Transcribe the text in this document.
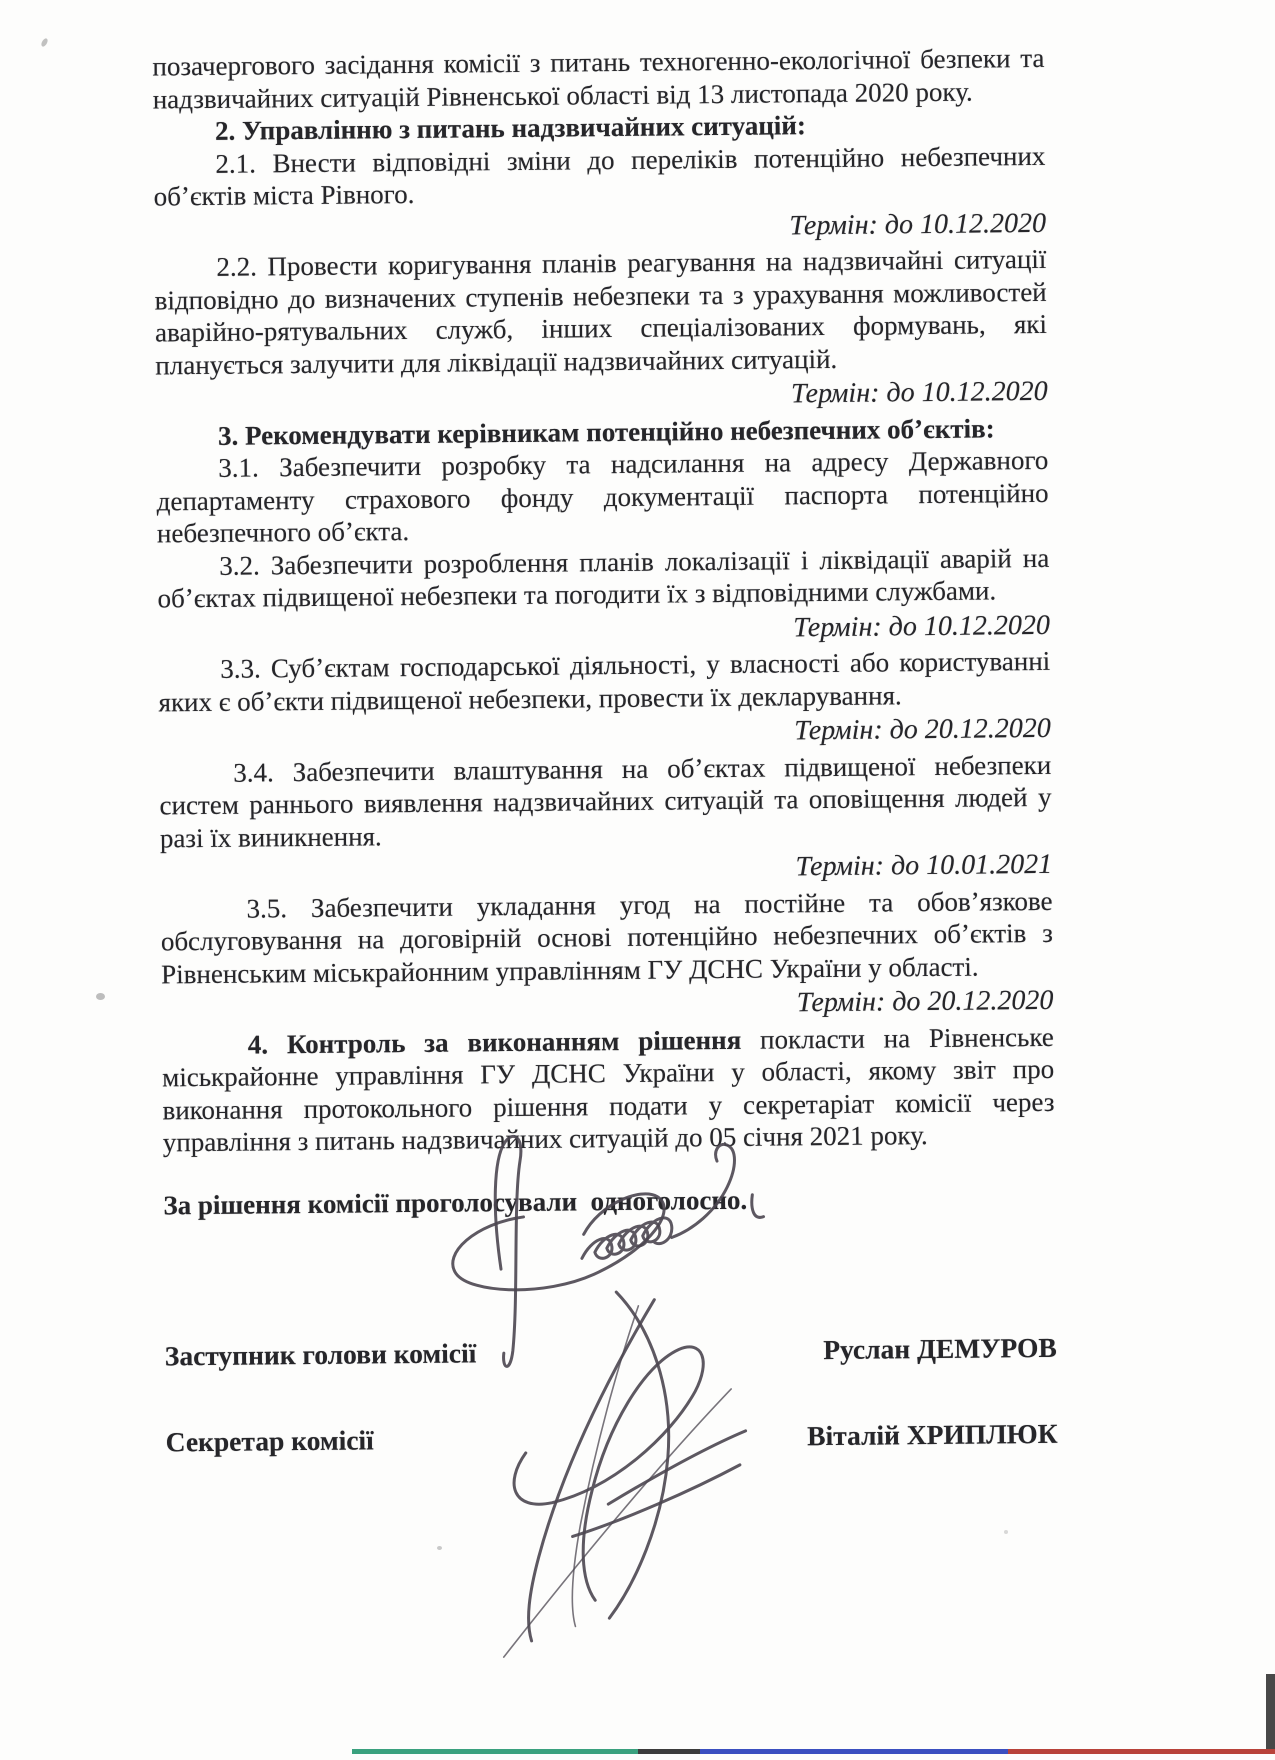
позачергового засідання комісії з питань техногенно-екологічної безпеки та надзвичайних ситуацій Рівненської області від 13 листопада 2020 року.

2. Управлінню з питань надзвичайних ситуацій:

2.1. Внести відповідні зміни до переліків потенційно небезпечних об’єктів міста Рівного.

Термін: до 10.12.2020

2.2. Провести коригування планів реагування на надзвичайні ситуації відповідно до визначених ступенів небезпеки та з урахування можливостей аварійно-рятувальних служб, інших спеціалізованих формувань, які планується залучити для ліквідації надзвичайних ситуацій.

Термін: до 10.12.2020

3. Рекомендувати керівникам потенційно небезпечних об’єктів:

3.1. Забезпечити розробку та надсилання на адресу Державного департаменту страхового фонду документації паспорта потенційно небезпечного об’єкта.

3.2. Забезпечити розроблення планів локалізації і ліквідації аварій на об’єктах підвищеної небезпеки та погодити їх з відповідними службами.

Термін: до 10.12.2020

3.3. Суб’єктам господарської діяльності, у власності або користуванні яких є об’єкти підвищеної небезпеки, провести їх декларування.

Термін: до 20.12.2020

3.4. Забезпечити влаштування на об’єктах підвищеної небезпеки систем раннього виявлення надзвичайних ситуацій та оповіщення людей у разі їх виникнення.

Термін: до 10.01.2021

3.5. Забезпечити укладання угод на постійне та обов’язкове обслуговування на договірній основі потенційно небезпечних об’єктів з Рівненським міськрайонним управлінням ГУ ДСНС України у області.

Термін: до 20.12.2020

4. Контроль за виконанням рішення покласти на Рівненське міськрайонне управління ГУ ДСНС України у області, якому звіт про виконання протокольного рішення подати у секретаріат комісії через управління з питань надзвичайних ситуацій до 05 січня 2021 року.

За рішення комісії проголосували  одноголосно.

Заступник голови комісії	Руслан ДЕМУРОВ
Секретар комісії	Віталій ХРИПЛЮК
